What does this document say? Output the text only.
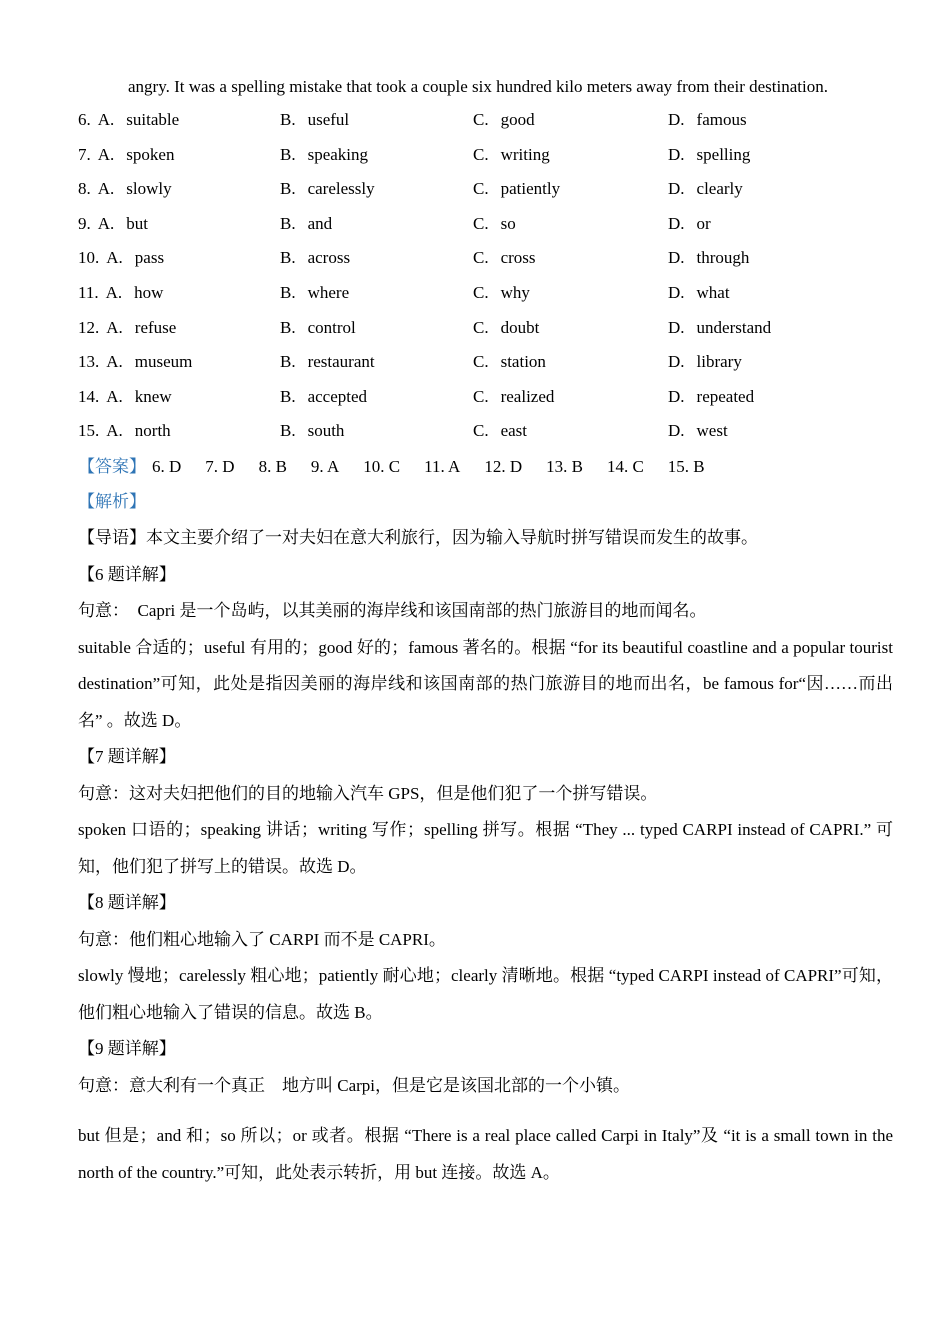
angry. It was a spelling mistake that took a couple six hundred kilo meters away from their destination.
6. A. suitable	B. useful	C. good	D. famous
7. A. spoken	B. speaking	C. writing	D. spelling
8. A. slowly	B. carelessly	C. patiently	D. clearly
9. A. but	B. and	C. so	D. or
10. A. pass	B. across	C. cross	D. through
11. A. how	B. where	C. why	D. what
12. A. refuse	B. control	C. doubt	D. understand
13. A. museum	B. restaurant	C. station	D. library
14. A. knew	B. accepted	C. realized	D. repeated
15. A. north	B. south	C. east	D. west
【答案】 6. D 7. D 8. B 9. A 10. C 11. A 12. D 13. B 14. C 15. B

【解析】

【导语】本文主要介绍了一对夫妇在意大利旅行，因为输入导航时拼写错误而发生的故事。

【6 题详解】

句意：　Capri 是一个岛屿，以其美丽的海岸线和该国南部的热门旅游目的地而闻名。

suitable 合适的；useful 有用的；good 好的；famous 著名的。根据 “for its beautiful coastline and a popular tourist destination”可知，此处是指因美丽的海岸线和该国南部的热门旅游目的地而出名，be famous for“因……而出名” 。故选 D。

【7 题详解】

句意：这对夫妇把他们的目的地输入汽车 GPS，但是他们犯了一个拼写错误。

spoken 口语的；speaking 讲话；writing 写作；spelling 拼写。根据 “They ... typed CARPI instead of CAPRI.” 可知，他们犯了拼写上的错误。故选 D。

【8 题详解】

句意：他们粗心地输入了 CARPI 而不是 CAPRI。

slowly 慢地；carelessly 粗心地；patiently 耐心地；clearly 清晰地。根据 “typed CARPI instead of CAPRI”可知，他们粗心地输入了错误的信息。故选 B。

【9 题详解】

句意：意大利有一个真正　地方叫 Carpi，但是它是该国北部的一个小镇。

but 但是；and 和；so 所以；or 或者。根据 “There is a real place called Carpi in Italy”及 “it is a small town in the north of the country.”可知，此处表示转折，用 but 连接。故选 A。
